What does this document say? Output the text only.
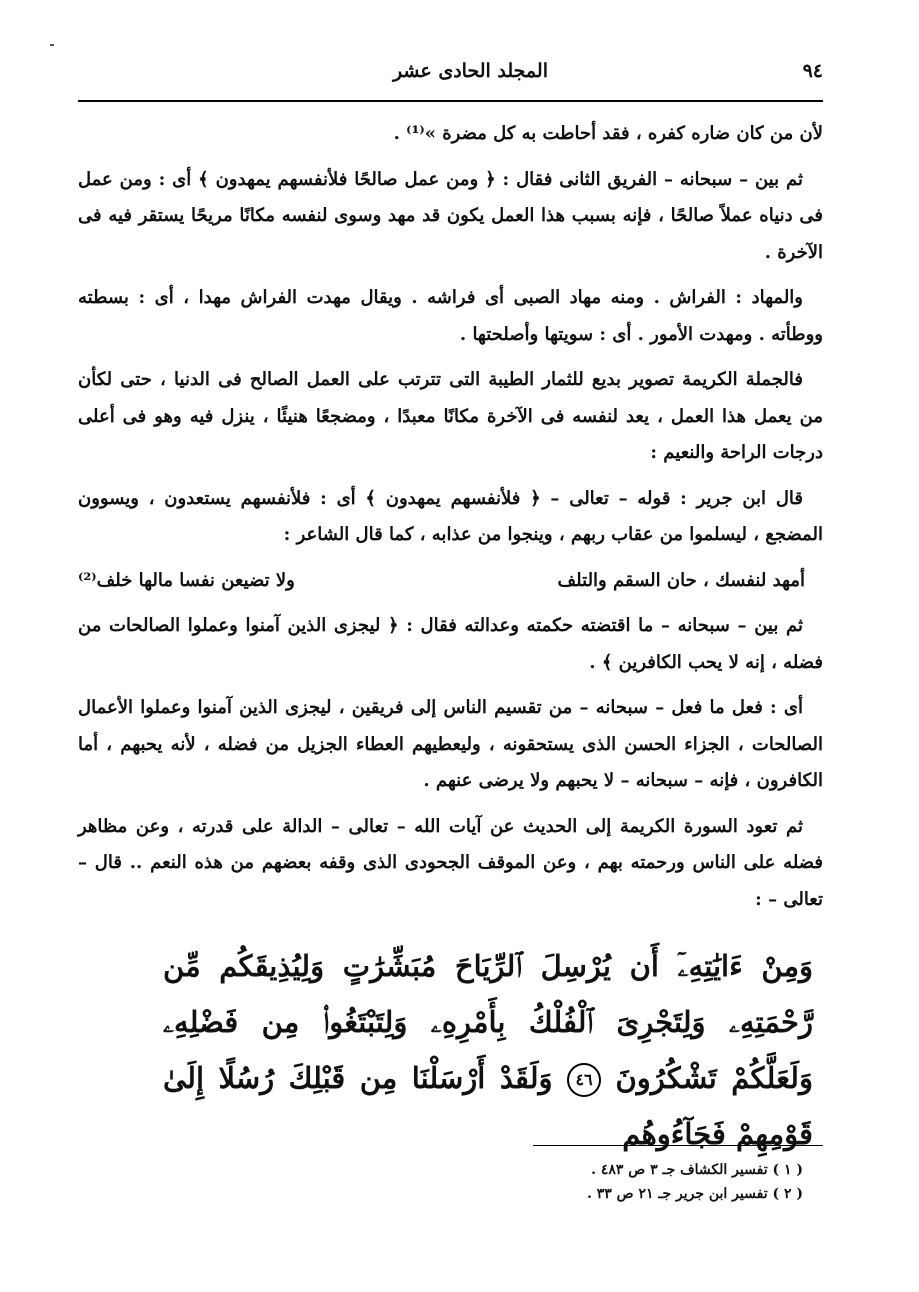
٩٤
المجلد الحادى عشر

لأن من كان ضاره كفره ، فقد أحاطت به كل مضرة »⁽¹⁾ .

ثم بين – سبحانه – الفريق الثانى فقال : ﴿ ومن عمل صالحًا فلأنفسهم يمهدون ﴾ أى : ومن عمل فى دنياه عملاً صالحًا ، فإنه بسبب هذا العمل يكون قد مهد وسوى لنفسه مكانًا مريحًا يستقر فيه فى الآخرة .

والمهاد : الفراش . ومنه مهاد الصبى أى فراشه . ويقال مهدت الفراش مهدا ، أى : بسطته ووطأته . ومهدت الأمور . أى : سويتها وأصلحتها .

فالجملة الكريمة تصوير بديع للثمار الطيبة التى تترتب على العمل الصالح فى الدنيا ، حتى لكأن من يعمل هذا العمل ، يعد لنفسه فى الآخرة مكانًا معبدًا ، ومضجعًا هنيئًا ، ينزل فيه وهو فى أعلى درجات الراحة والنعيم :

قال ابن جرير : قوله – تعالى – ﴿ فلأنفسهم يمهدون ﴾ أى : فلأنفسهم يستعدون ، ويسوون المضجع ، ليسلموا من عقاب ربهم ، وينجوا من عذابه ، كما قال الشاعر :

أمهد لنفسك ، حان السقم والتلف
ولا تضيعن نفسا مالها خلف⁽²⁾

ثم بين – سبحانه – ما اقتضته حكمته وعدالته فقال : ﴿ ليجزى الذين آمنوا وعملوا الصالحات من فضله ، إنه لا يحب الكافرين ﴾ .

أى : فعل ما فعل – سبحانه – من تقسيم الناس إلى فريقين ، ليجزى الذين آمنوا وعملوا الأعمال الصالحات ، الجزاء الحسن الذى يستحقونه ، وليعطيهم العطاء الجزيل من فضله ، لأنه يحبهم ، أما الكافرون ، فإنه – سبحانه – لا يحبهم ولا يرضى عنهم .

ثم تعود السورة الكريمة إلى الحديث عن آيات الله – تعالى – الدالة على قدرته ، وعن مظاهر فضله على الناس ورحمته بهم ، وعن الموقف الجحودى الذى وقفه بعضهم من هذه النعم .. قال – تعالى – :

وَمِنْ ءَايَٰتِهِۦٓ أَن يُرْسِلَ ٱلرِّيَاحَ مُبَشِّرَٰتٍ وَلِيُذِيقَكُم مِّن رَّحْمَتِهِۦ وَلِتَجْرِىَ ٱلْفُلْكُ بِأَمْرِهِۦ وَلِتَبْتَغُوا۟ مِن فَضْلِهِۦ وَلَعَلَّكُمْ تَشْكُرُونَ ٤٦ وَلَقَدْ أَرْسَلْنَا مِن قَبْلِكَ رُسُلًا إِلَىٰ قَوْمِهِمْ فَجَآءُوهُم

( ١ ) تفسير الكشاف جـ ٣ ص ٤٨٣ .
( ٢ ) تفسير ابن جرير جـ ٢١ ص ٣٣ .
